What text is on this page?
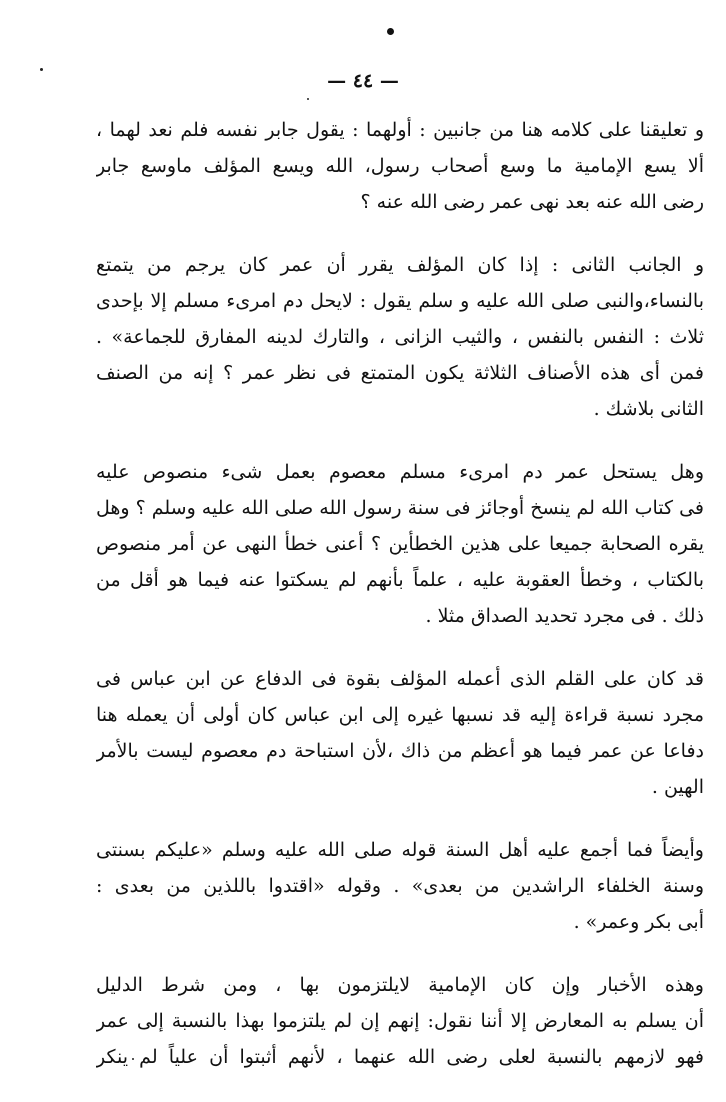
— ٤٤ —
و تعليقنا على كلامه هنا من جانبين : أولهما : يقول جابر نفسه فلم نعد لهما ،
ألا يسع الإمامية ما وسع أصحاب رسول، الله ويسع المؤلف ماوسع جابر
رضى الله عنه بعد نهى عمر رضى الله عنه ؟
و الجانب الثانى : إذا كان المؤلف يقرر أن عمر كان يرجم من يتمتع
بالنساء،والنبى صلى الله عليه و سلم يقول : لايحل دم امرىء مسلم إلا بإحدى
ثلاث : النفس بالنفس ، والثيب الزانى ، والتارك لدينه المفارق للجماعة» .
فمن أى هذه الأصناف الثلاثة يكون المتمتع فى نظر عمر ؟ إنه من الصنف
الثانى بلاشك .
وهل يستحل عمر دم امرىء مسلم معصوم بعمل شىء منصوص عليه
فى كتاب الله لم ينسخ أوجائز فى سنة رسول الله صلى الله عليه وسلم ؟ وهل
يقره الصحابة جميعا على هذين الخطأين ؟ أعنى خطأ النهى عن أمر منصوص
بالكتاب ، وخطأ العقوبة عليه ، علماً بأنهم لم يسكتوا عنه فيما هو أقل من
ذلك . فى مجرد تحديد الصداق مثلا .
قد كان على القلم الذى أعمله المؤلف بقوة فى الدفاع عن ابن عباس فى
مجرد نسبة قراءة إليه قد نسبها غيره إلى ابن عباس كان أولى أن يعمله هنا
دفاعا عن عمر فيما هو أعظم من ذاك ،لأن استباحة دم معصوم ليست بالأمر
الهين .
وأيضاً فما أجمع عليه أهل السنة قوله صلى الله عليه وسلم «عليكم بسنتى
وسنة الخلفاء الراشدين من بعدى» . وقوله «اقتدوا باللذين من بعدى :
أبى بكر وعمر» .
وهذه الأخبار وإن كان الإمامية لايلتزمون بها ، ومن شرط الدليل
أن يسلم به المعارض إلا أننا نقول: إنهم إن لم يلتزموا بهذا بالنسبة إلى عمر
فهو لازمهم بالنسبة لعلى رضى الله عنهما ، لأنهم أثبتوا أن علياً لم ينكر
